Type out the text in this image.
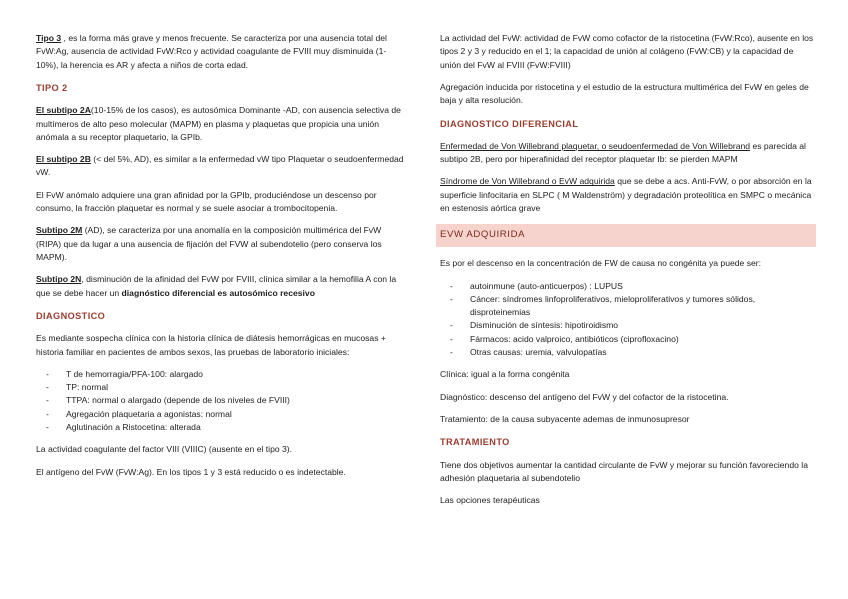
Tipo 3 , es la forma más grave y menos frecuente. Se caracteriza por una ausencia total del FvW:Ag, ausencia de actividad FvW:Rco y actividad coagulante de FVIII muy disminuida (1- 10%), la herencia es AR y afecta a niños de corta edad.

TIPO 2

El subtipo 2A(10-15% de los casos), es autosómica Dominante -AD, con ausencia selectiva de multímeros de alto peso molecular (MAPM) en plasma y plaquetas que propicia una unión anómala a su receptor plaquetario, la GPIb.

El subtipo 2B (< del 5%, AD), es similar a la enfermedad vW tipo Plaquetar o seudoenfermedad vW.

El FvW anómalo adquiere una gran afinidad por la GPIb, produciéndose un descenso por consumo, la fracción plaquetar es normal y se suele asociar a trombocitopenia.

Subtipo 2M (AD), se caracteriza por una anomalía en la composición multimérica del FvW (RIPA) que da lugar a una ausencia de fijación del FVW al subendotelio (pero conserva los MAPM).

Subtipo 2N, disminución de la afinidad del FvW por FVIII, clínica similar a la hemofilia A con la que se debe hacer un diagnóstico diferencial es autosómico recesivo

DIAGNOSTICO

Es mediante sospecha clínica con la historia clínica de diátesis hemorrágicas en mucosas + historia familiar en pacientes de ambos sexos, las pruebas de laboratorio iniciales:

- T de hemorragia/PFA-100: alargado
- TP: normal
- TTPA: normal o alargado (depende de los niveles de FVIII)
- Agregación plaquetaria a agonistas: normal
- Aglutinación a Ristocetina: alterada

La actividad coagulante del factor VIII (VIIIC) (ausente en el tipo 3).

El antígeno del FvW (FvW:Ag). En los tipos 1 y 3 está reducido o es indetectable.

La actividad del FvW: actividad de FvW como cofactor de la ristocetina (FvW:Rco), ausente en los tipos 2 y 3 y reducido en el 1; la capacidad de unión al colágeno (FvW:CB) y la capacidad de unión del FvW al FVIII (FvW:FVIII)

Agregación inducida por ristocetina y el estudio de la estructura multimérica del FvW en geles de baja y alta resolución.

DIAGNOSTICO DIFERENCIAL

Enfermedad de Von Willebrand plaquetar, o seudoenfermedad de Von Willebrand es parecida al subtipo 2B, pero por hiperafinidad del receptor plaquetar Ib: se pierden MAPM

Síndrome de Von Willebrand o EvW adquirida que se debe a acs. Anti-FvW, o por absorción en la superficie linfocitaria en SLPC ( M Waldenström) y degradación proteolítica en SMPC o mecánica en estenosis aórtica grave

EVW ADQUIRIDA

Es por el descenso en la concentración de FW de causa no congénita ya puede ser:

- autoinmune (auto-anticuerpos) : LUPUS
- Cáncer: síndromes linfoproliferativos, mieloproliferativos y tumores sólidos, disproteinemias
- Disminución de síntesis: hipotiroidismo
- Fármacos: acido valproico, antibióticos (ciprofloxacino)
- Otras causas: uremia, valvulopatías

Clínica: igual a la forma congénita

Diagnóstico: descenso del antígeno del FvW y del cofactor de la ristocetina.

Tratamiento: de la causa subyacente ademas de inmunosupresor

TRATAMIENTO

Tiene dos objetivos aumentar la cantidad circulante de FvW y mejorar su función favoreciendo la adhesión plaquetaria al subendotelio

Las opciones terapéuticas
